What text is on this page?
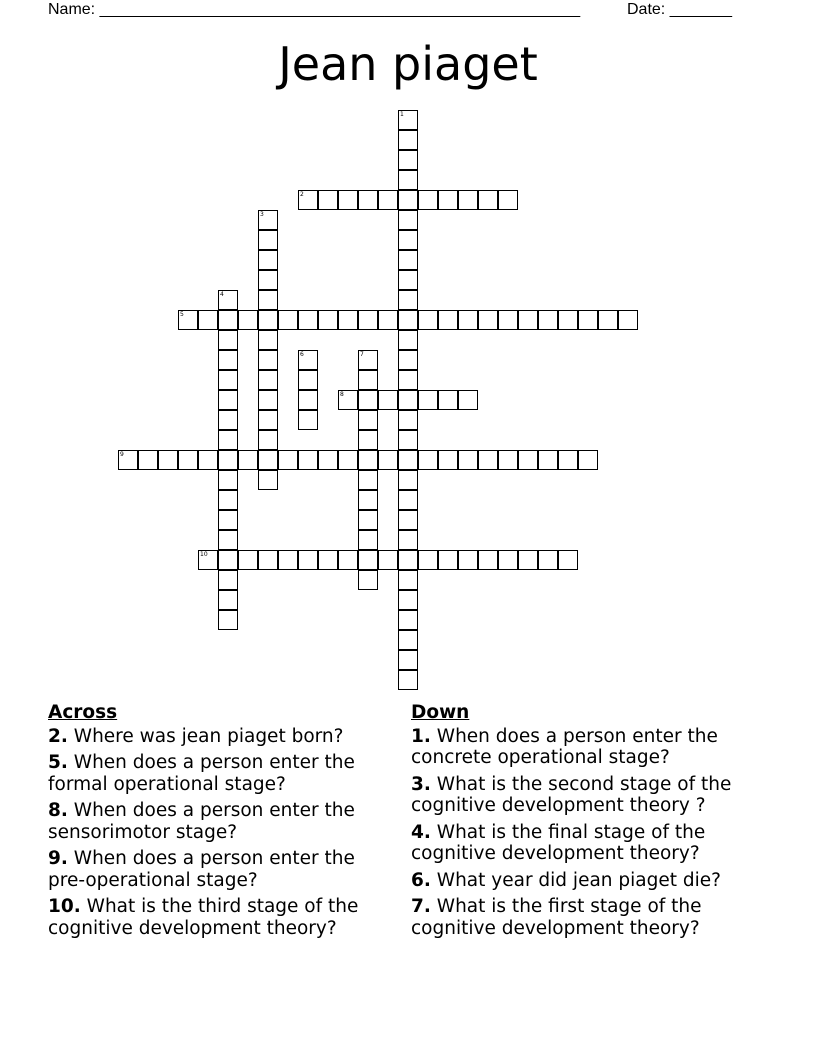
Name: ______________________________________________________	Date: _______
Jean piaget
1
2
3
4
5
6	7
8
9
10
Across
2. Where was jean piaget born?
5. When does a person enter the formal operational stage?
8. When does a person enter the sensorimotor stage?
9. When does a person enter the pre-operational stage?
10. What is the third stage of the cognitive development theory?
Down
1. When does a person enter the concrete operational stage?
3. What is the second stage of the cognitive development theory ?
4. What is the final stage of the cognitive development theory?
6. What year did jean piaget die?
7. What is the first stage of the cognitive development theory?
